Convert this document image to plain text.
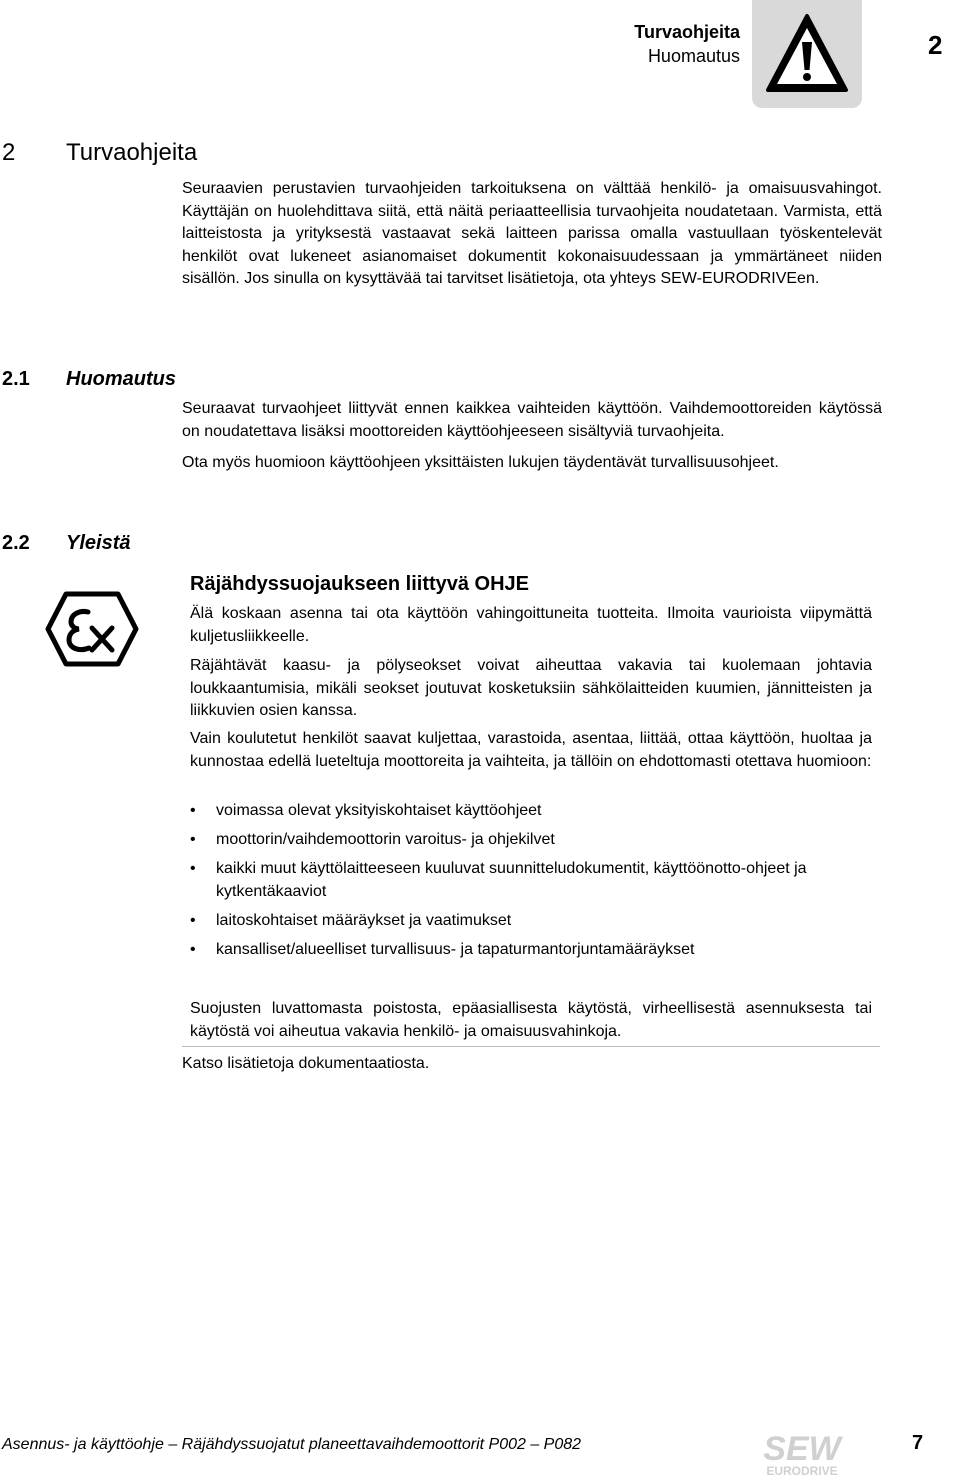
Turvaohjeita
Huomautus	2
2 Turvaohjeita
Seuraavien perustavien turvaohjeiden tarkoituksena on välttää henkilö- ja omaisuusvahingot. Käyttäjän on huolehdittava siitä, että näitä periaatteellisia turvaohjeita noudatetaan. Varmista, että laitteistosta ja yrityksestä vastaavat sekä laitteen parissa omalla vastuullaan työskentelevät henkilöt ovat lukeneet asianomaiset dokumentit kokonaisuudessaan ja ymmärtäneet niiden sisällön. Jos sinulla on kysyttävää tai tarvitset lisätietoja, ota yhteys SEW-EURODRIVEen.
2.1 Huomautus
Seuraavat turvaohjeet liittyvät ennen kaikkea vaihteiden käyttöön. Vaihdemoottoreiden käytössä on noudatettava lisäksi moottoreiden käyttöohjeeseen sisältyviä turvaohjeita.
Ota myös huomioon käyttöohjeen yksittäisten lukujen täydentävät turvallisuusohjeet.
2.2 Yleistä
Räjähdyssuojaukseen liittyvä OHJE
Älä koskaan asenna tai ota käyttöön vahingoittuneita tuotteita. Ilmoita vaurioista viipymättä kuljetusliikkeelle.
Räjähtävät kaasu- ja pölyseokset voivat aiheuttaa vakavia tai kuolemaan johtavia loukkaantumisia, mikäli seokset joutuvat kosketuksiin sähkölaitteiden kuumien, jännitteisten ja liikkuvien osien kanssa.
Vain koulutetut henkilöt saavat kuljettaa, varastoida, asentaa, liittää, ottaa käyttöön, huoltaa ja kunnostaa edellä lueteltuja moottoreita ja vaihteita, ja tällöin on ehdottomasti otettava huomioon:
• voimassa olevat yksityiskohtaiset käyttöohjeet
• moottorin/vaihdemoottorin varoitus- ja ohjekilvet
• kaikki muut käyttölaitteeseen kuuluvat suunnitteludokumentit, käyttöönotto-ohjeet ja kytkentäkaaviot
• laitoskohtaiset määräykset ja vaatimukset
• kansalliset/alueelliset turvallisuus- ja tapaturmantorjuntamääräykset
Suojusten luvattomasta poistosta, epäasiallisesta käytöstä, virheellisestä asennuksesta tai käytöstä voi aiheutua vakavia henkilö- ja omaisuusvahinkoja.
Katso lisätietoja dokumentaatiosta.
Asennus- ja käyttöohje – Räjähdyssuojatut planeettavaihdemoottorit P002 – P082	SEW
EURODRIVE
7
